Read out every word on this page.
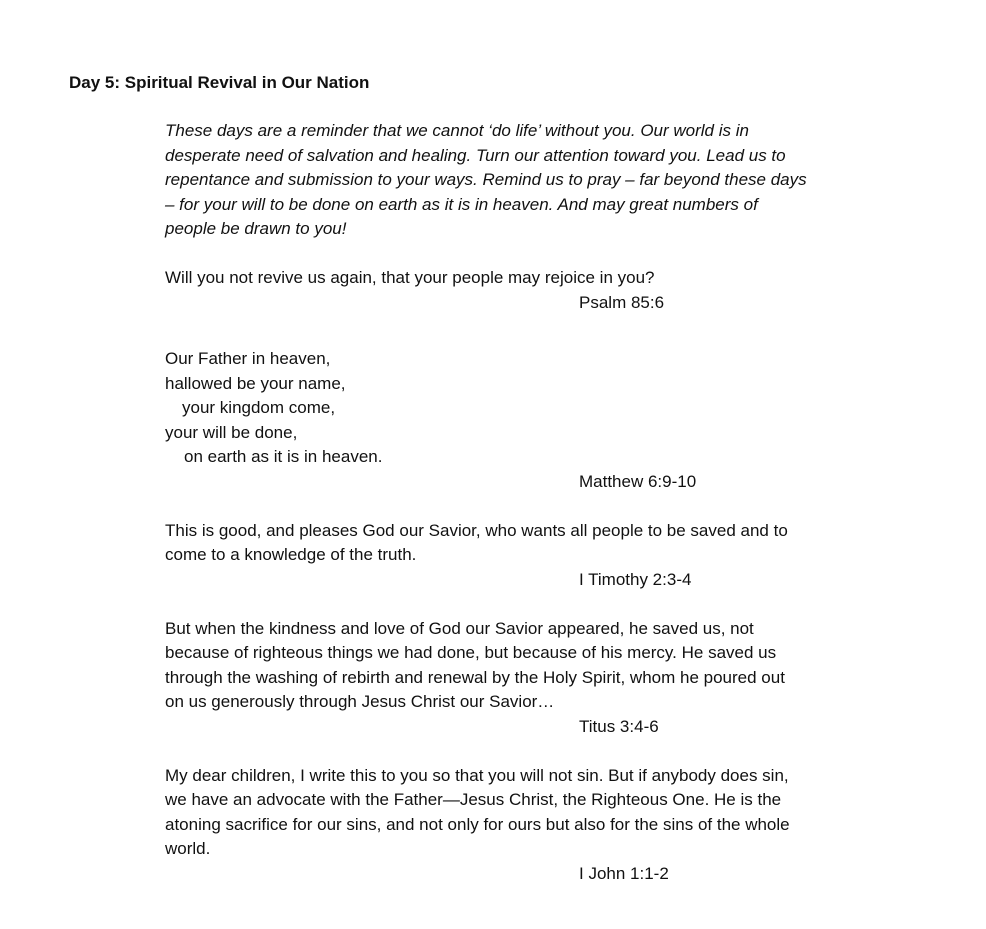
Day 5: Spiritual Revival in Our Nation
These days are a reminder that we cannot ‘do life’ without you. Our world is in
desperate need of salvation and healing. Turn our attention toward you. Lead us to
repentance and submission to your ways. Remind us to pray – far beyond these days
– for your will to be done on earth as it is in heaven. And may great numbers of
people be drawn to you!
Will you not revive us again, that your people may rejoice in you?
Psalm 85:6
Our Father in heaven,
hallowed be your name,
your kingdom come,
your will be done,
on earth as it is in heaven.
Matthew 6:9-10
This is good, and pleases God our Savior, who wants all people to be saved and to
come to a knowledge of the truth.
I Timothy 2:3-4
But when the kindness and love of God our Savior appeared, he saved us, not
because of righteous things we had done, but because of his mercy. He saved us
through the washing of rebirth and renewal by the Holy Spirit, whom he poured out
on us generously through Jesus Christ our Savior…
Titus 3:4-6
My dear children, I write this to you so that you will not sin. But if anybody does sin,
we have an advocate with the Father—Jesus Christ, the Righteous One. He is the
atoning sacrifice for our sins, and not only for ours but also for the sins of the whole
world.
I John 1:1-2
